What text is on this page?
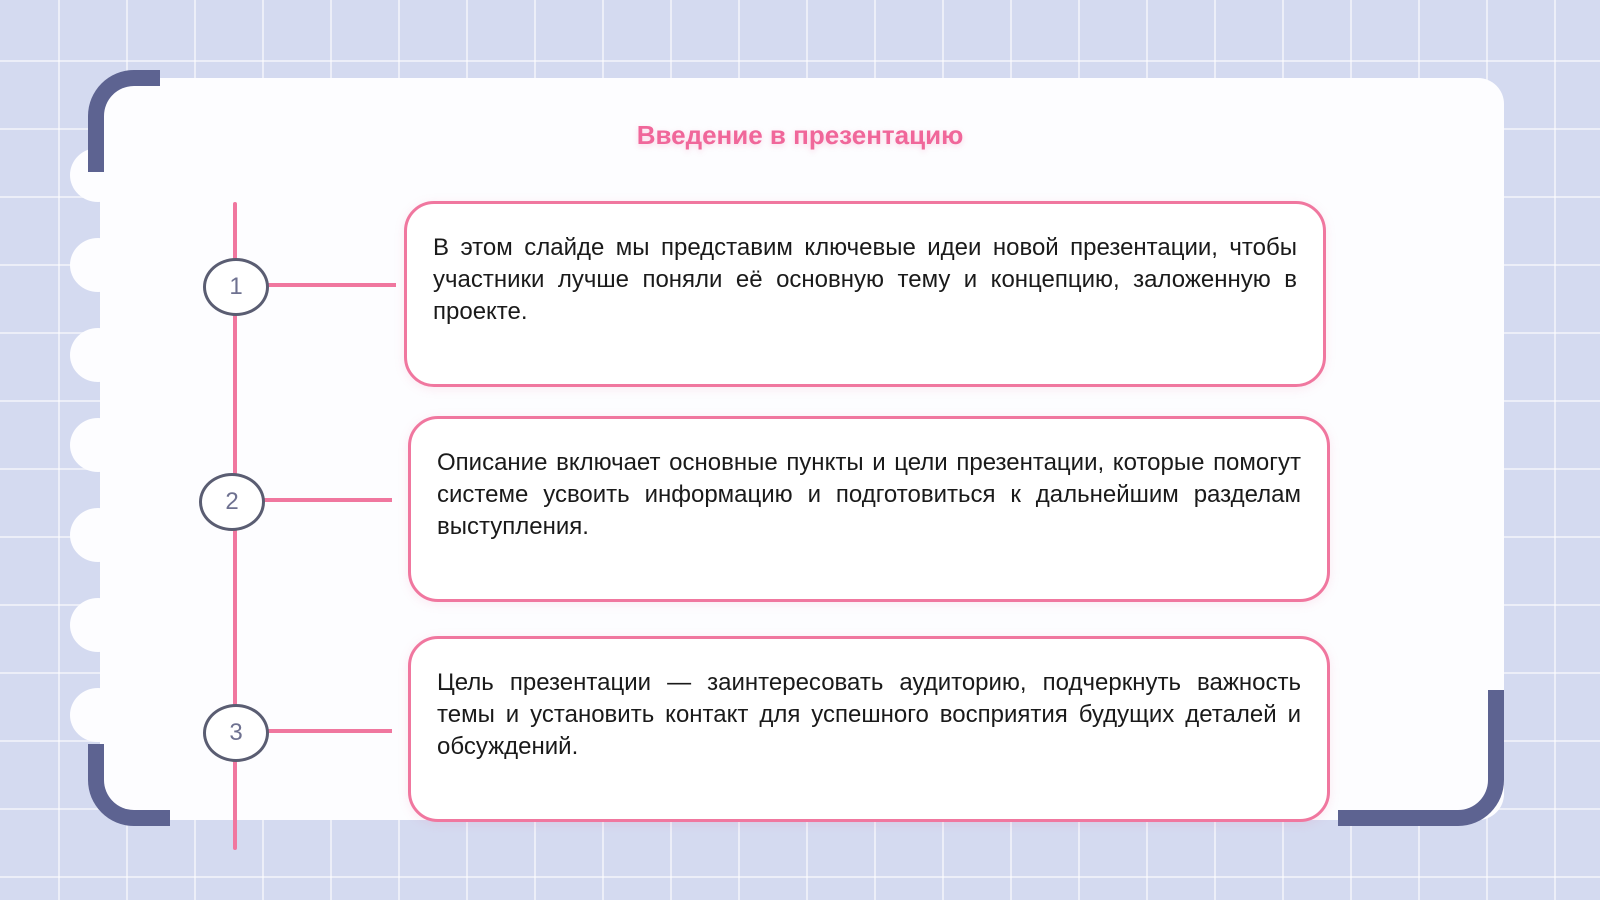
Введение в презентацию
1
2
3

В этом слайде мы представим ключевые идеи новой презентации, чтобы участники лучше поняли её основную тему и концепцию, заложенную в проекте.

Описание включает основные пункты и цели презентации, которые помогут системе усвоить информацию и подготовиться к дальнейшим разделам выступления.

Цель презентации — заинтересовать аудиторию, подчеркнуть важность темы и установить контакт для успешного восприятия будущих деталей и обсуждений.
